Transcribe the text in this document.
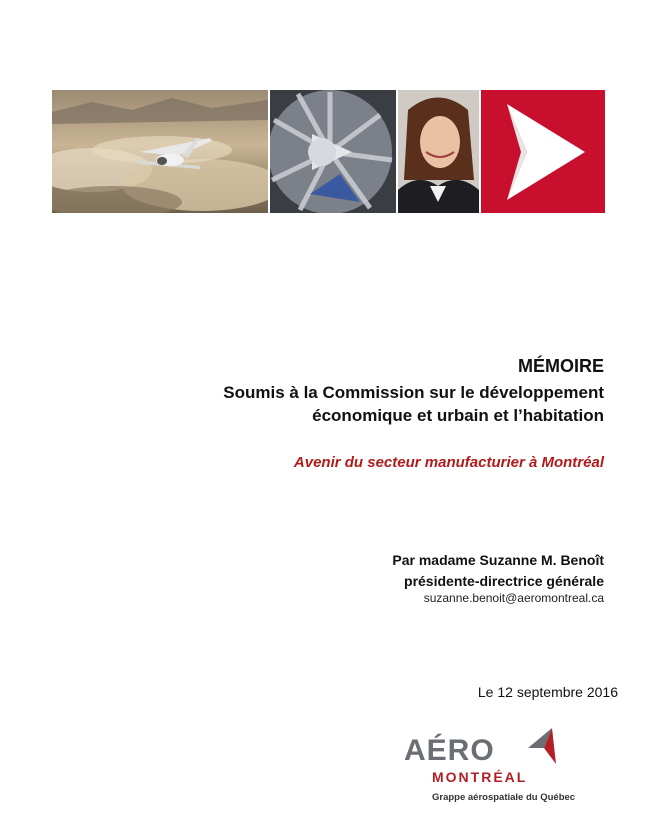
MÉMOIRE
Soumis à la Commission sur le développement
économique et urbain et l’habitation
Avenir du secteur manufacturier à Montréal
Par madame Suzanne M. Benoît
présidente-directrice générale
suzanne.benoit@aeromontreal.ca
Le 12 septembre 2016
AÉRO
MONTRÉAL
Grappe aérospatiale du Québec
